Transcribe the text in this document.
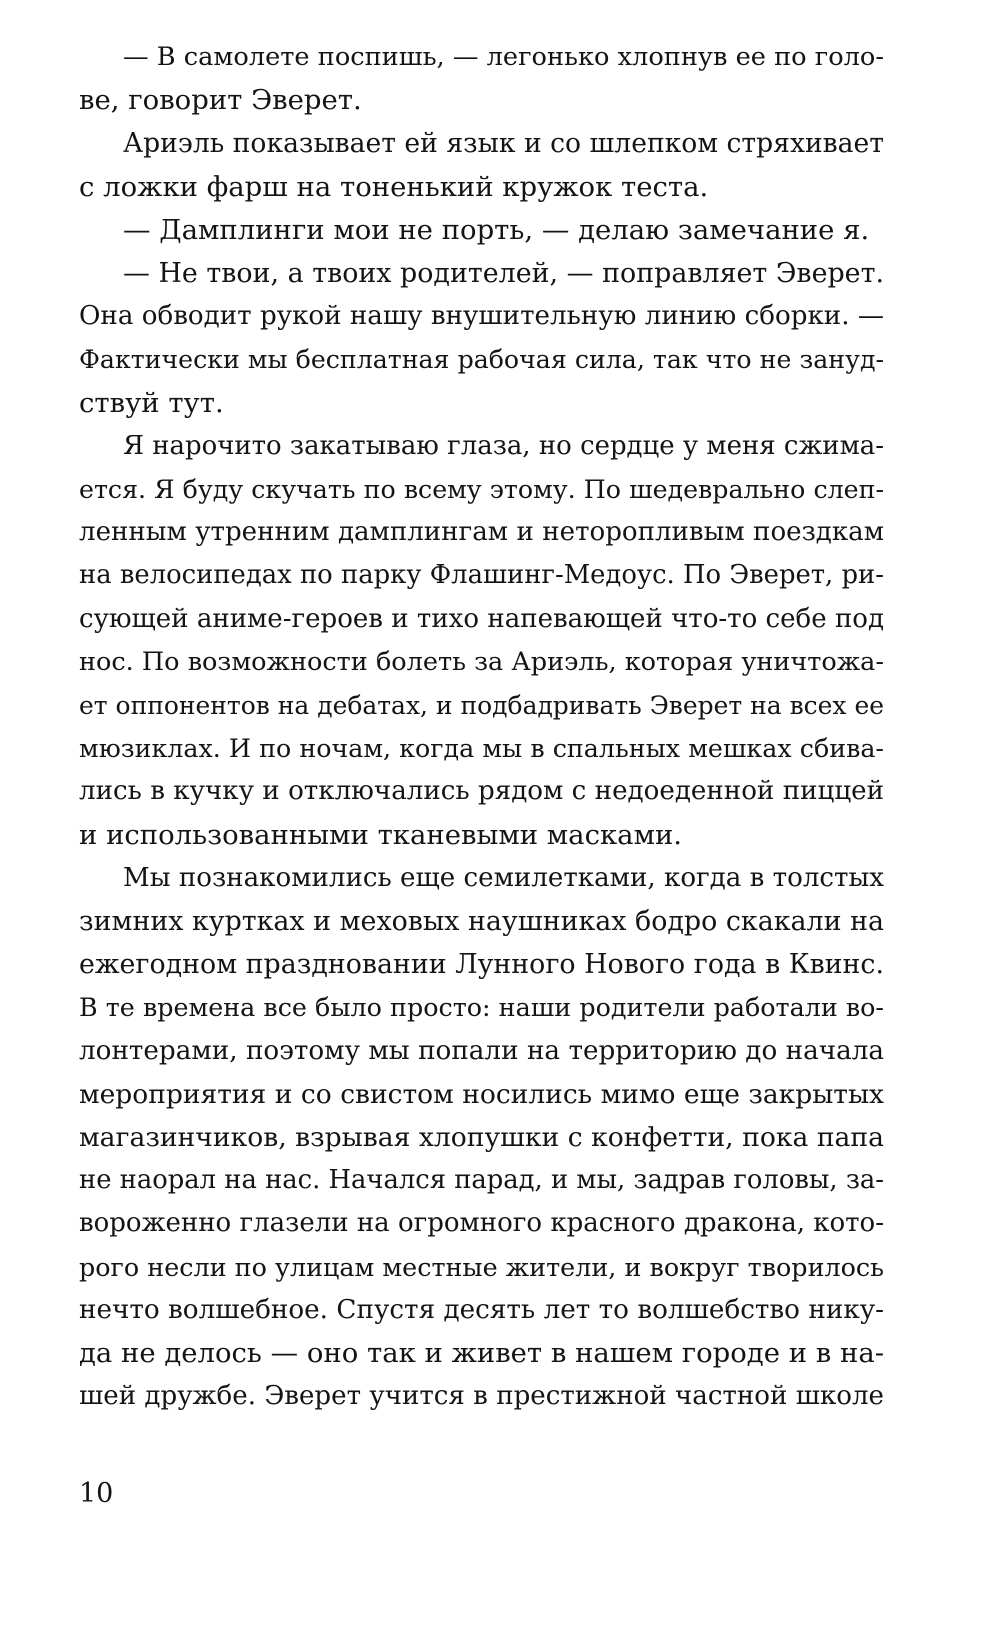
— В самолете поспишь, — легонько хлопнув ее по голо-
ве, говорит Эверет.
Ариэль показывает ей язык и со шлепком стряхивает
с ложки фарш на тоненький кружок теста.
— Дамплинги мои не порть, — делаю замечание я.
— Не твои, а твоих родителей, — поправляет Эверет.
Она обводит рукой нашу внушительную линию сборки. —
Фактически мы бесплатная рабочая сила, так что не зануд-
ствуй тут.
Я нарочито закатываю глаза, но сердце у меня сжима-
ется. Я буду скучать по всему этому. По шедеврально слеп-
ленным утренним дамплингам и неторопливым поездкам
на велосипедах по парку Флашинг-Медоус. По Эверет, ри-
сующей аниме-героев и тихо напевающей что-то себе под
нос. По возможности болеть за Ариэль, которая уничтожа-
ет оппонентов на дебатах, и подбадривать Эверет на всех ее
мюзиклах. И по ночам, когда мы в спальных мешках сбива-
лись в кучку и отключались рядом с недоеденной пиццей
и использованными тканевыми масками.
Мы познакомились еще семилетками, когда в толстых
зимних куртках и меховых наушниках бодро скакали на
ежегодном праздновании Лунного Нового года в Квинс.
В те времена все было просто: наши родители работали во-
лонтерами, поэтому мы попали на территорию до начала
мероприятия и со свистом носились мимо еще закрытых
магазинчиков, взрывая хлопушки с конфетти, пока папа
не наорал на нас. Начался парад, и мы, задрав головы, за-
вороженно глазели на огромного красного дракона, кото-
рого несли по улицам местные жители, и вокруг творилось
нечто волшебное. Спустя десять лет то волшебство нику-
да не делось — оно так и живет в нашем городе и в на-
шей дружбе. Эверет учится в престижной частной школе
10
